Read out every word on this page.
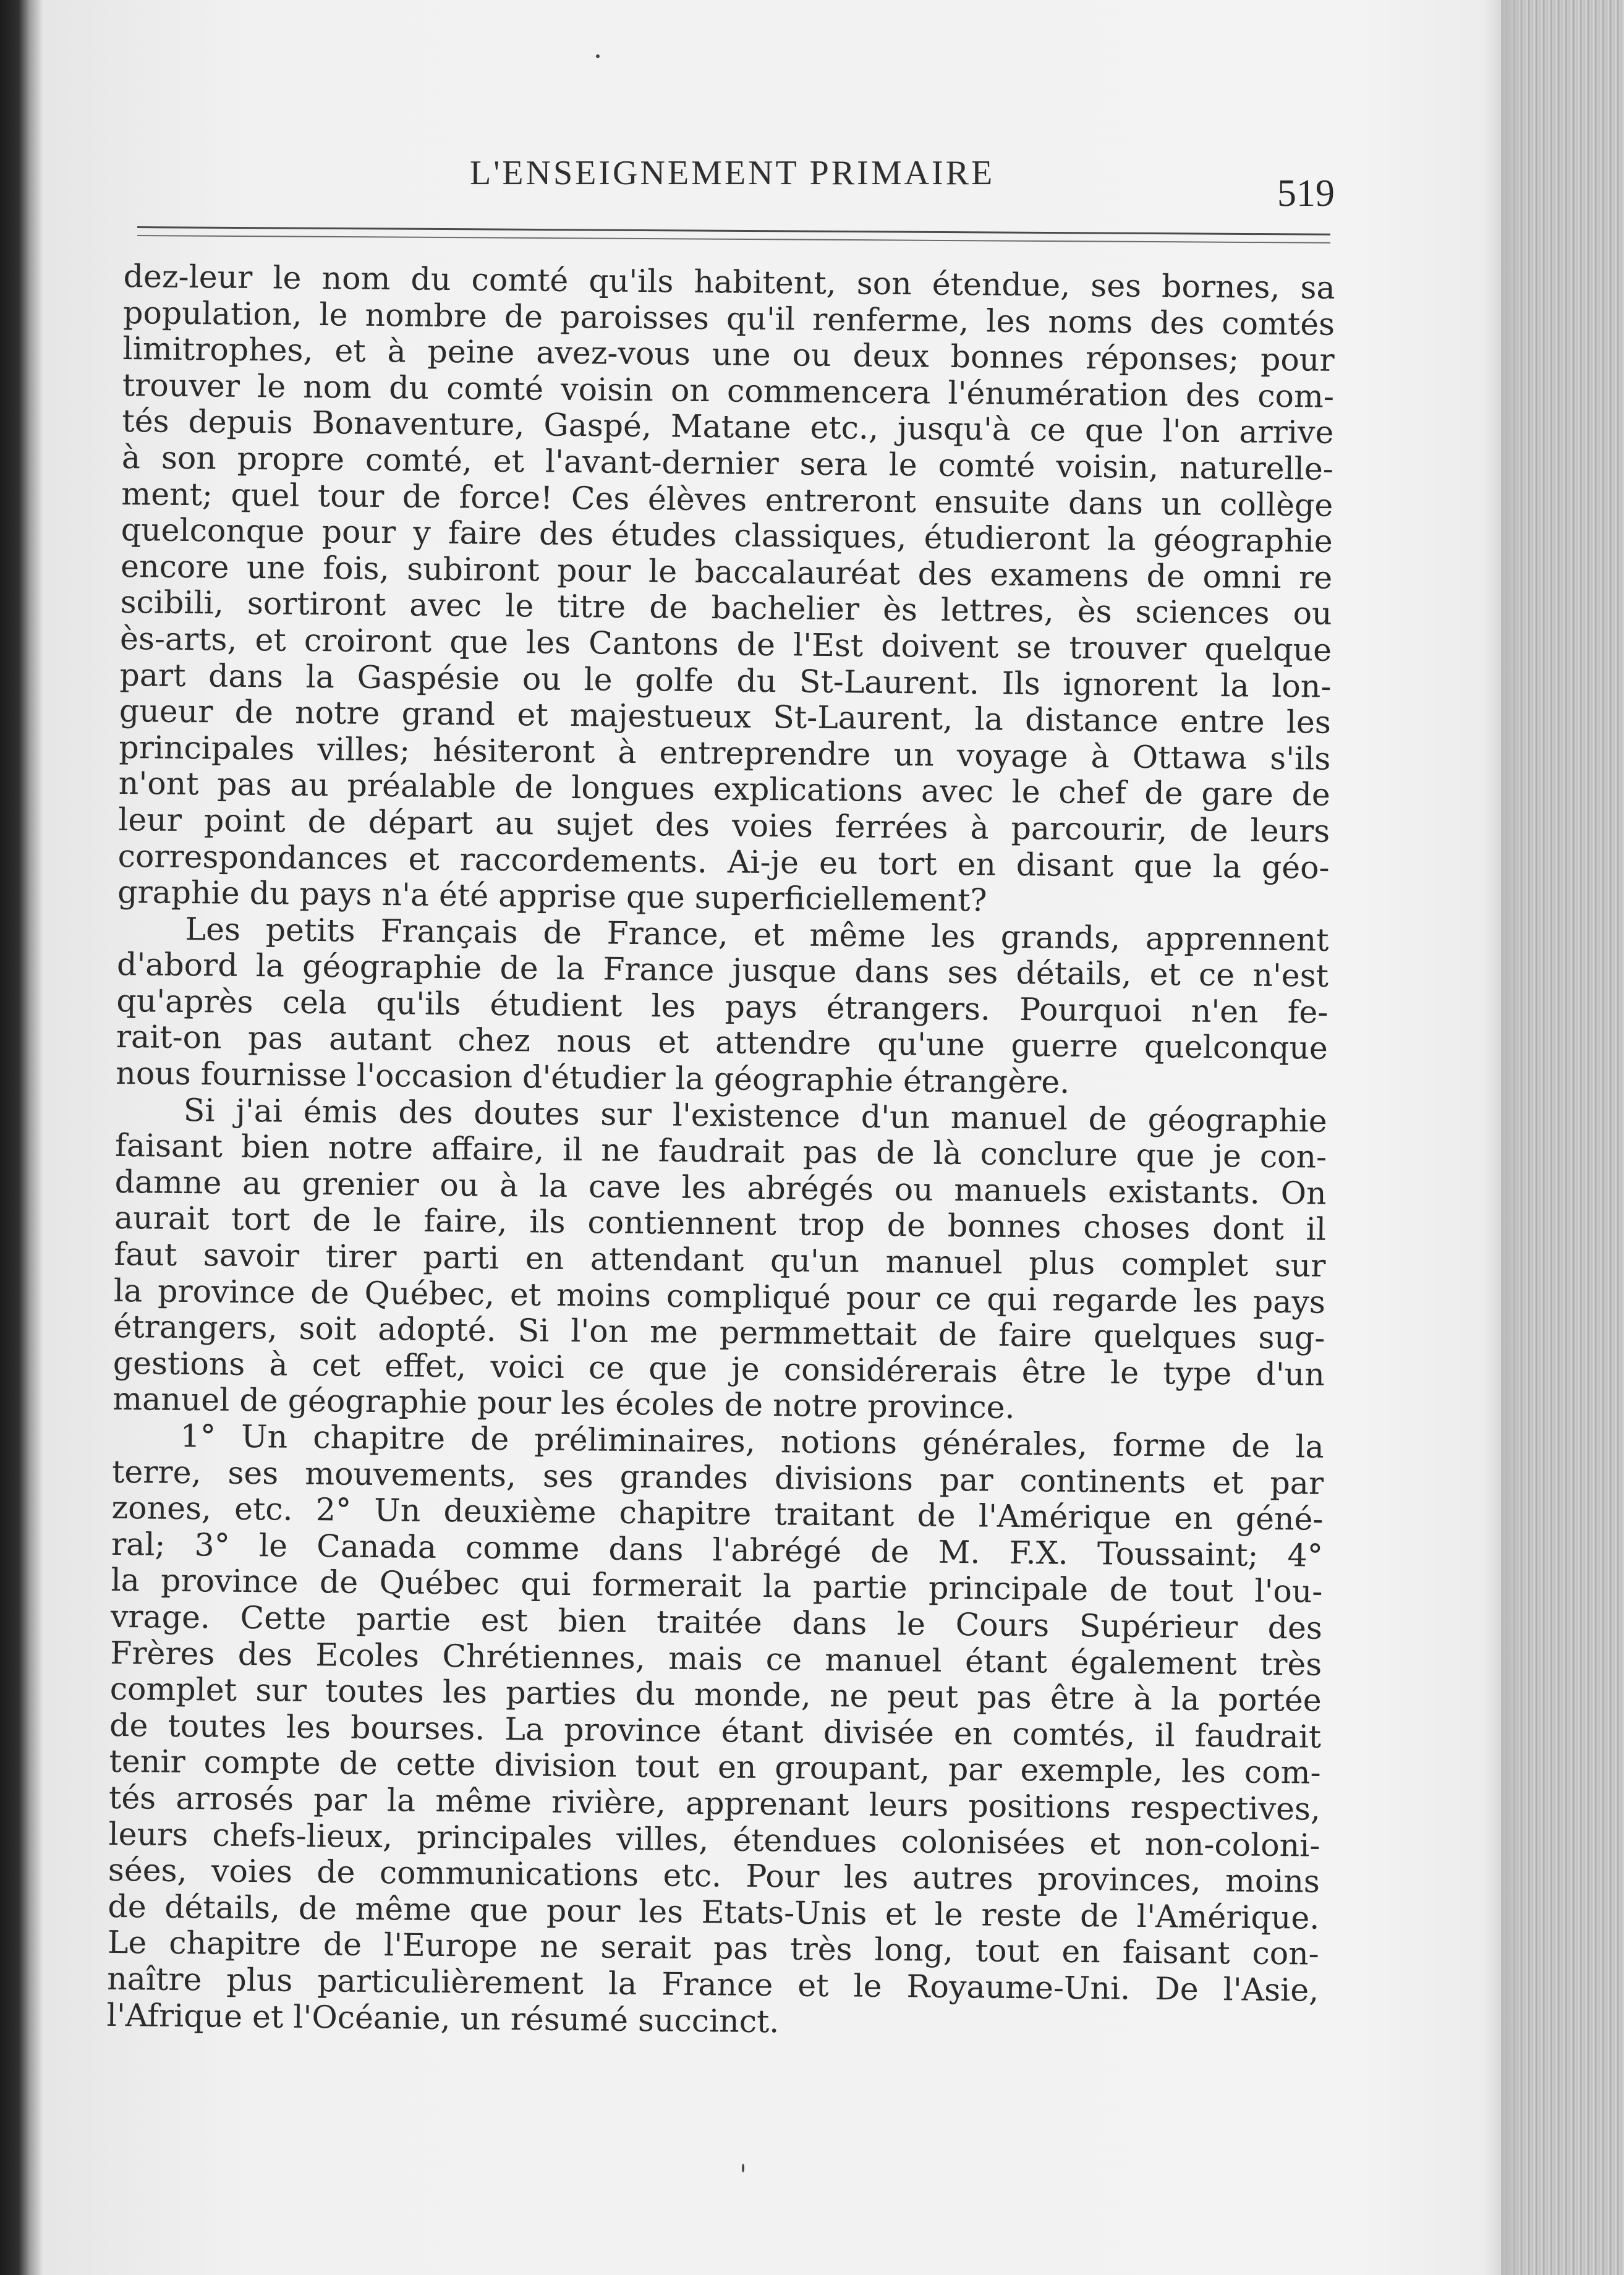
L'ENSEIGNEMENT PRIMAIRE	519
dez-leur le nom du comté qu'ils habitent, son étendue, ses bornes, sa
population, le nombre de paroisses qu'il renferme, les noms des comtés
limitrophes, et à peine avez-vous une ou deux bonnes réponses; pour
trouver le nom du comté voisin on commencera l'énumération des com-
tés depuis Bonaventure, Gaspé, Matane etc., jusqu'à ce que l'on arrive
à son propre comté, et l'avant-dernier sera le comté voisin, naturelle-
ment; quel tour de force! Ces élèves entreront ensuite dans un collège
quelconque pour y faire des études classiques, étudieront la géographie
encore une fois, subiront pour le baccalauréat des examens de omni re
scibili, sortiront avec le titre de bachelier ès lettres, ès sciences ou
ès-arts, et croiront que les Cantons de l'Est doivent se trouver quelque
part dans la Gaspésie ou le golfe du St-Laurent. Ils ignorent la lon-
gueur de notre grand et majestueux St-Laurent, la distance entre les
principales villes; hésiteront à entreprendre un voyage à Ottawa s'ils
n'ont pas au préalable de longues explications avec le chef de gare de
leur point de départ au sujet des voies ferrées à parcourir, de leurs
correspondances et raccordements. Ai-je eu tort en disant que la géo-
graphie du pays n'a été apprise que superficiellement?
Les petits Français de France, et même les grands, apprennent
d'abord la géographie de la France jusque dans ses détails, et ce n'est
qu'après cela qu'ils étudient les pays étrangers. Pourquoi n'en fe-
rait-on pas autant chez nous et attendre qu'une guerre quelconque
nous fournisse l'occasion d'étudier la géographie étrangère.
Si j'ai émis des doutes sur l'existence d'un manuel de géographie
faisant bien notre affaire, il ne faudrait pas de là conclure que je con-
damne au grenier ou à la cave les abrégés ou manuels existants. On
aurait tort de le faire, ils contiennent trop de bonnes choses dont il
faut savoir tirer parti en attendant qu'un manuel plus complet sur
la province de Québec, et moins compliqué pour ce qui regarde les pays
étrangers, soit adopté. Si l'on me permmettait de faire quelques sug-
gestions à cet effet, voici ce que je considérerais être le type d'un
manuel de géographie pour les écoles de notre province.
1° Un chapitre de préliminaires, notions générales, forme de la
terre, ses mouvements, ses grandes divisions par continents et par
zones, etc. 2° Un deuxième chapitre traitant de l'Amérique en géné-
ral; 3° le Canada comme dans l'abrégé de M. F.X. Toussaint; 4°
la province de Québec qui formerait la partie principale de tout l'ou-
vrage. Cette partie est bien traitée dans le Cours Supérieur des
Frères des Ecoles Chrétiennes, mais ce manuel étant également très
complet sur toutes les parties du monde, ne peut pas être à la portée
de toutes les bourses. La province étant divisée en comtés, il faudrait
tenir compte de cette division tout en groupant, par exemple, les com-
tés arrosés par la même rivière, apprenant leurs positions respectives,
leurs chefs-lieux, principales villes, étendues colonisées et non-coloni-
sées, voies de communications etc. Pour les autres provinces, moins
de détails, de même que pour les Etats-Unis et le reste de l'Amérique.
Le chapitre de l'Europe ne serait pas très long, tout en faisant con-
naître plus particulièrement la France et le Royaume-Uni. De l'Asie,
l'Afrique et l'Océanie, un résumé succinct.
